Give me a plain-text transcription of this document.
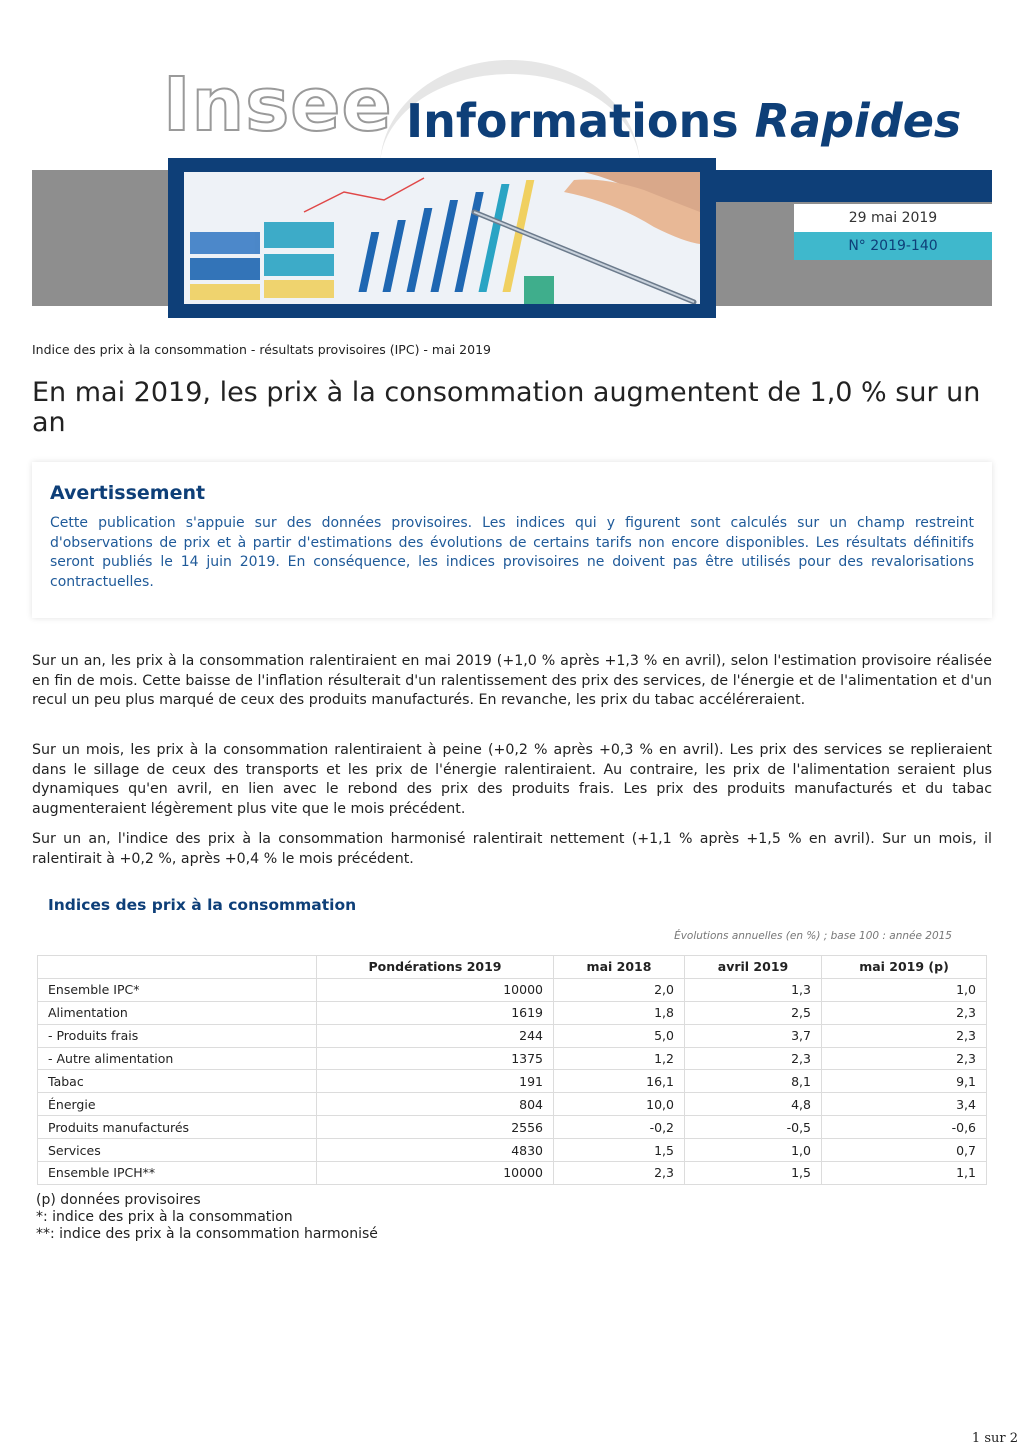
Insee Informations Rapides
29 mai 2019
N° 2019-140
Indice des prix à la consommation - résultats provisoires (IPC) - mai 2019
En mai 2019, les prix à la consommation augmentent de 1,0 % sur un an
Avertissement

Cette publication s'appuie sur des données provisoires. Les indices qui y figurent sont calculés sur un champ restreint d'observations de prix et à partir d'estimations des évolutions de certains tarifs non encore disponibles. Les résultats définitifs seront publiés le 14 juin 2019. En conséquence, les indices provisoires ne doivent pas être utilisés pour des revalorisations contractuelles.

Sur un an, les prix à la consommation ralentiraient en mai 2019 (+1,0 % après +1,3 % en avril), selon l'estimation provisoire réalisée en fin de mois. Cette baisse de l'inflation résulterait d'un ralentissement des prix des services, de l'énergie et de l'alimentation et d'un recul un peu plus marqué de ceux des produits manufacturés. En revanche, les prix du tabac accéléreraient.

Sur un mois, les prix à la consommation ralentiraient à peine (+0,2 % après +0,3 % en avril). Les prix des services se replieraient dans le sillage de ceux des transports et les prix de l'énergie ralentiraient. Au contraire, les prix de l'alimentation seraient plus dynamiques qu'en avril, en lien avec le rebond des prix des produits frais. Les prix des produits manufacturés et du tabac augmenteraient légèrement plus vite que le mois précédent.

Sur un an, l'indice des prix à la consommation harmonisé ralentirait nettement (+1,1 % après +1,5 % en avril). Sur un mois, il ralentirait à +0,2 %, après +0,4 % le mois précédent.

Indices des prix à la consommation
Évolutions annuelles (en %) ; base 100 : année 2015
	Pondérations 2019	mai 2018	avril 2019	mai 2019 (p)
Ensemble IPC*	10000	2,0	1,3	1,0
Alimentation	1619	1,8	2,5	2,3
- Produits frais	244	5,0	3,7	2,3
- Autre alimentation	1375	1,2	2,3	2,3
Tabac	191	16,1	8,1	9,1
Énergie	804	10,0	4,8	3,4
Produits manufacturés	2556	-0,2	-0,5	-0,6
Services	4830	1,5	1,0	0,7
Ensemble IPCH**	10000	2,3	1,5	1,1
(p) données provisoires
*: indice des prix à la consommation
**: indice des prix à la consommation harmonisé
1 sur 2
